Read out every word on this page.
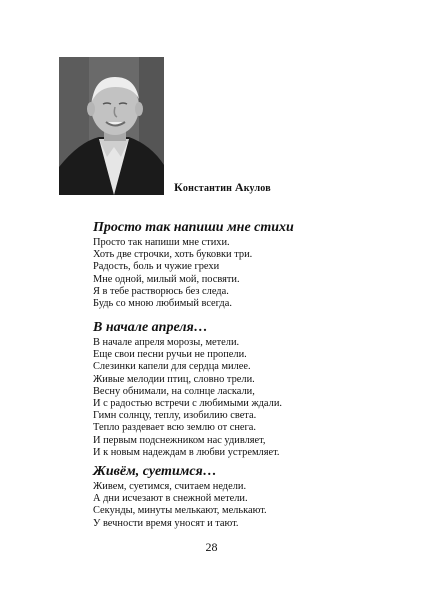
Константин Акулов
Просто так напиши мне стихи
Просто так напиши мне стихи.
Хоть две строчки, хоть буковки три.
Радость, боль и чужие грехи
Мне одной, милый мой, посвяти.
Я в тебе растворюсь без следа.
Будь со мною любимый всегда.
В начале апреля…
В начале апреля морозы, метели.
Еще свои песни ручьи не пропели.
Слезинки капели для сердца милее.
Живые мелодии птиц, словно трели.
Весну обнимали, на солнце ласкали,
И с радостью встречи с любимыми ждали.
Гимн солнцу, теплу, изобилию света.
Тепло раздевает всю землю от снега.
И первым подснежником нас удивляет,
И к новым надеждам в любви устремляет.
Живём, суетимся…
Живем, суетимся, считаем недели.
А дни исчезают в снежной метели.
Секунды, минуты мелькают, мелькают.
У вечности время уносят и тают.
28
